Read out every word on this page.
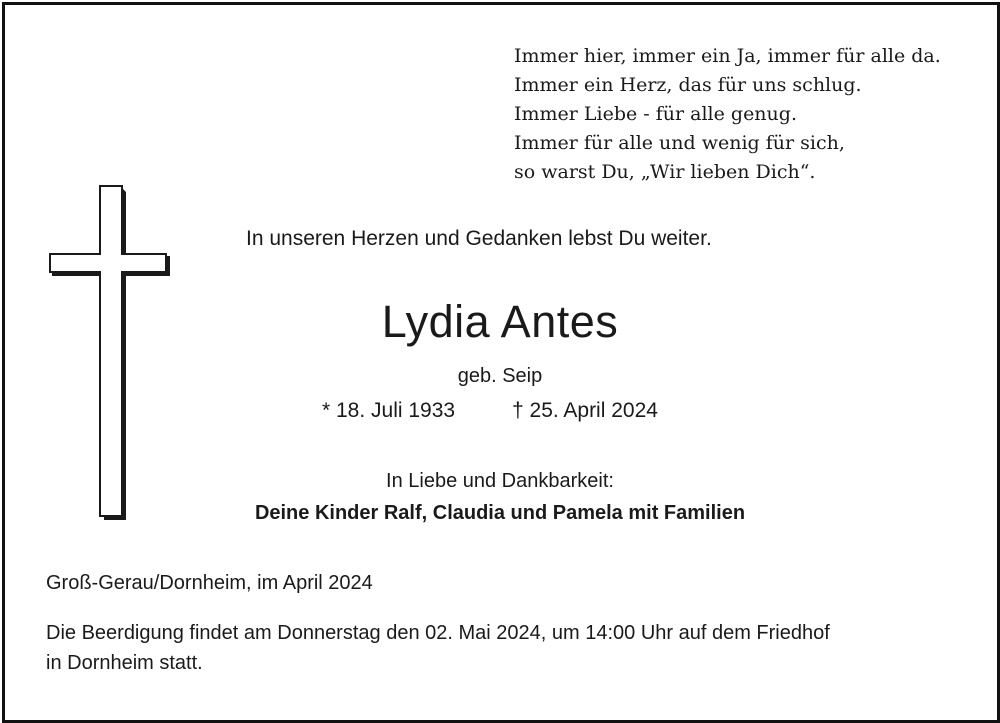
Immer hier, immer ein Ja, immer für alle da.
Immer ein Herz, das für uns schlug.
Immer Liebe - für alle genug.
Immer für alle und wenig für sich,
so warst Du, „Wir lieben Dich“.
In unseren Herzen und Gedanken lebst Du weiter.
Lydia Antes
geb. Seip
* 18. Juli 1933	† 25. April 2024
In Liebe und Dankbarkeit:
Deine Kinder Ralf, Claudia und Pamela mit Familien
Groß-Gerau/Dornheim, im April 2024
Die Beerdigung findet am Donnerstag den 02. Mai 2024, um 14:00 Uhr auf dem Friedhof
in Dornheim statt.
